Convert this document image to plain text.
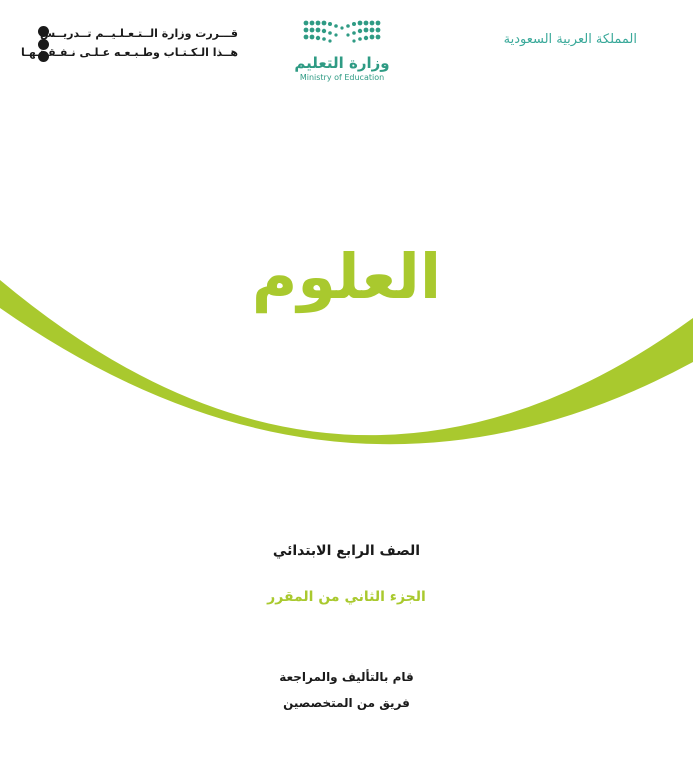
المملكة العربية السعودية
وزارة التعليم
Ministry of Education
قـــررت وزارة الــتـعـلـيــم تــدريــس
هــذا الـكـتـاب وطـبـعـه عـلـى نـفـقـتـهـا
العلوم
الصف الرابع الابتدائي
الجزء الثاني من المقرر
قام بالتأليف والمراجعة
فريق من المتخصصين
